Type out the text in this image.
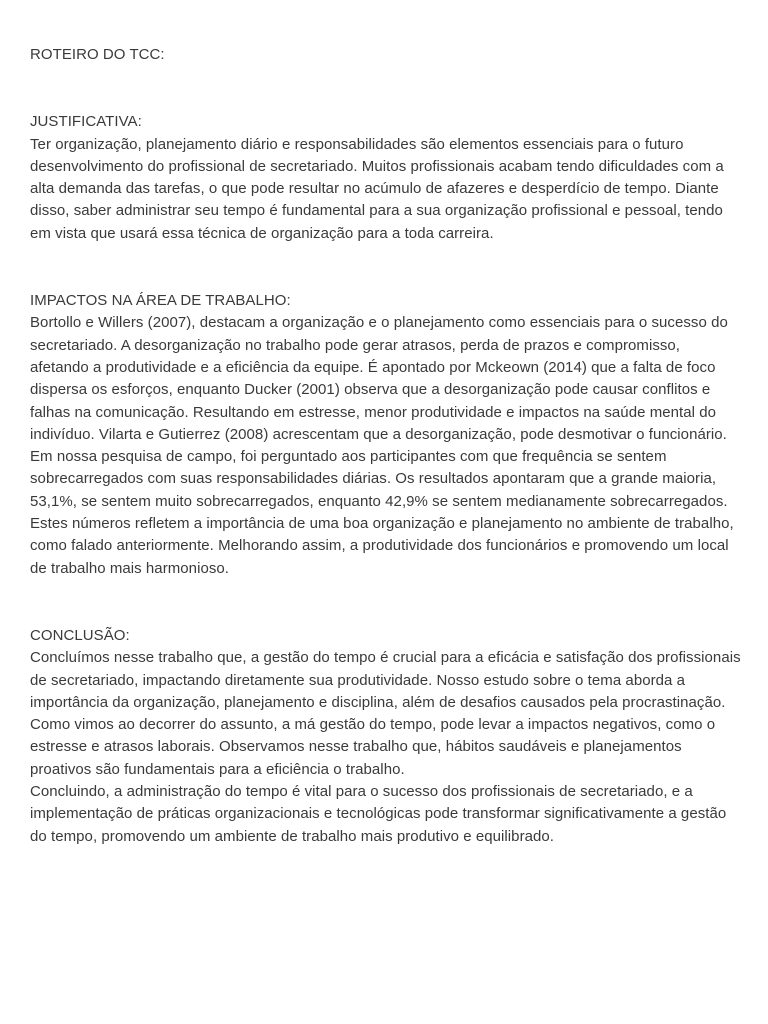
ROTEIRO DO TCC:

JUSTIFICATIVA:

Ter organização, planejamento diário e responsabilidades são elementos essenciais para o futuro desenvolvimento do profissional de secretariado. Muitos profissionais acabam tendo dificuldades com a alta demanda das tarefas, o que pode resultar no acúmulo de afazeres e desperdício de tempo. Diante disso, saber administrar seu tempo é fundamental para a sua organização profissional e pessoal, tendo em vista que usará essa técnica de organização para a toda carreira.

IMPACTOS NA ÁREA DE TRABALHO:

Bortollo e Willers (2007), destacam a organização e o planejamento como essenciais para o sucesso do secretariado. A desorganização no trabalho pode gerar atrasos, perda de prazos e compromisso, afetando a produtividade e a eficiência da equipe. É apontado por Mckeown (2014) que a falta de foco dispersa os esforços, enquanto Ducker (2001) observa que a desorganização pode causar conflitos e falhas na comunicação. Resultando em estresse, menor produtividade e impactos na saúde mental do indivíduo. Vilarta e Gutierrez (2008) acrescentam que a desorganização, pode desmotivar o funcionário.

Em nossa pesquisa de campo, foi perguntado aos participantes com que frequência se sentem sobrecarregados com suas responsabilidades diárias. Os resultados apontaram que a grande maioria, 53,1%, se sentem muito sobrecarregados, enquanto 42,9% se sentem medianamente sobrecarregados. Estes números refletem a importância de uma boa organização e planejamento no ambiente de trabalho, como falado anteriormente. Melhorando assim, a produtividade dos funcionários e promovendo um local de trabalho mais harmonioso.

CONCLUSÃO:

Concluímos nesse trabalho que, a gestão do tempo é crucial para a eficácia e satisfação dos profissionais de secretariado, impactando diretamente sua produtividade. Nosso estudo sobre o tema aborda a importância da organização, planejamento e disciplina, além de desafios causados pela procrastinação. Como vimos ao decorrer do assunto, a má gestão do tempo, pode levar a impactos negativos, como o estresse e atrasos laborais. Observamos nesse trabalho que, hábitos saudáveis e planejamentos proativos são fundamentais para a eficiência o trabalho.

Concluindo, a administração do tempo é vital para o sucesso dos profissionais de secretariado, e a implementação de práticas organizacionais e tecnológicas pode transformar significativamente a gestão do tempo, promovendo um ambiente de trabalho mais produtivo e equilibrado.
